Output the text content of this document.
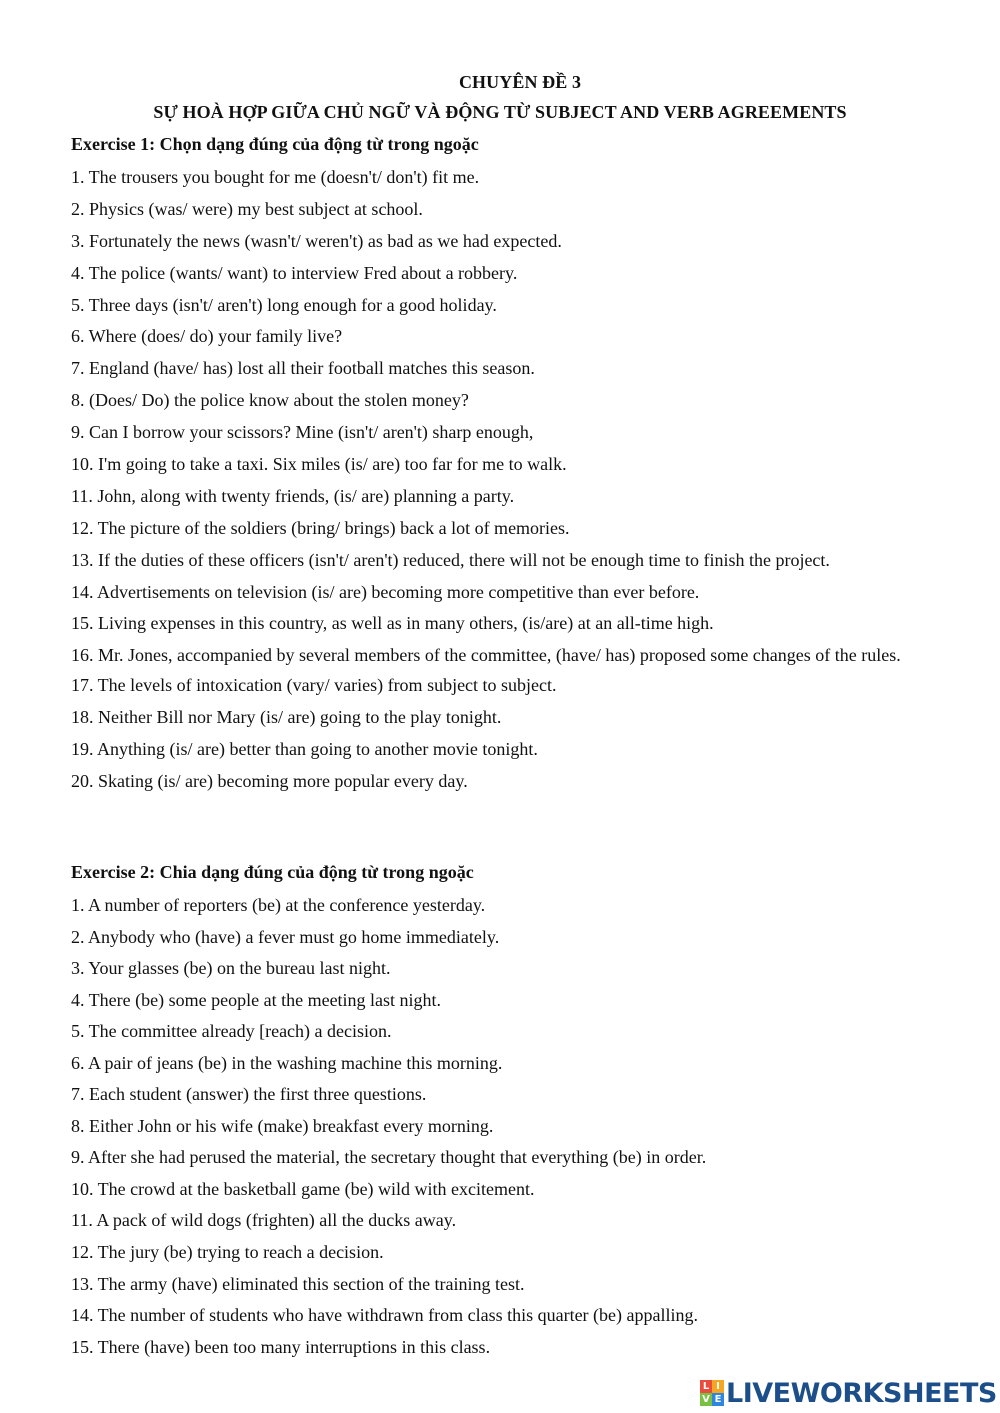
CHUYÊN ĐỀ 3
SỰ HOÀ HỢP GIỮA CHỦ NGỮ VÀ ĐỘNG TỪ SUBJECT AND VERB AGREEMENTS
Exercise 1: Chọn dạng đúng của động từ trong ngoặc

1. The trousers you bought for me (doesn't/ don't) fit me.

2. Physics (was/ were) my best subject at school.

3. Fortunately the news (wasn't/ weren't) as bad as we had expected.

4. The police (wants/ want) to interview Fred about a robbery.

5. Three days (isn't/ aren't) long enough for a good holiday.

6. Where (does/ do) your family live?

7. England (have/ has) lost all their football matches this season.

8. (Does/ Do) the police know about the stolen money?

9. Can I borrow your scissors? Mine (isn't/ aren't) sharp enough,

10. I'm going to take a taxi. Six miles (is/ are) too far for me to walk.

11. John, along with twenty friends, (is/ are) planning a party.

12. The picture of the soldiers (bring/ brings) back a lot of memories.

13. If the duties of these officers (isn't/ aren't) reduced, there will not be enough time to finish the project.

14. Advertisements on television (is/ are) becoming more competitive than ever before.

15. Living expenses in this country, as well as in many others, (is/are) at an all-time high.

16. Mr. Jones, accompanied by several members of the committee, (have/ has) proposed some changes of the rules.

17. The levels of intoxication (vary/ varies) from subject to subject.

18. Neither Bill nor Mary (is/ are) going to the play tonight.

19. Anything (is/ are) better than going to another movie tonight.

20. Skating (is/ are) becoming more popular every day.

Exercise 2: Chia dạng đúng của động từ trong ngoặc

1. A number of reporters (be) at the conference yesterday.

2. Anybody who (have) a fever must go home immediately.

3. Your glasses (be) on the bureau last night.

4. There (be) some people at the meeting last night.

5. The committee already [reach) a decision.

6. A pair of jeans (be) in the washing machine this morning.

7. Each student (answer) the first three questions.

8. Either John or his wife (make) breakfast every morning.

9. After she had perused the material, the secretary thought that everything (be) in order.

10. The crowd at the basketball game (be) wild with excitement.

11. A pack of wild dogs (frighten) all the ducks away.

12. The jury (be) trying to reach a decision.

13. The army (have) eliminated this section of the training test.

14. The number of students who have withdrawn from class this quarter (be) appalling.

15. There (have) been too many interruptions in this class.

L I
V E LIVEWORKSHEETS
